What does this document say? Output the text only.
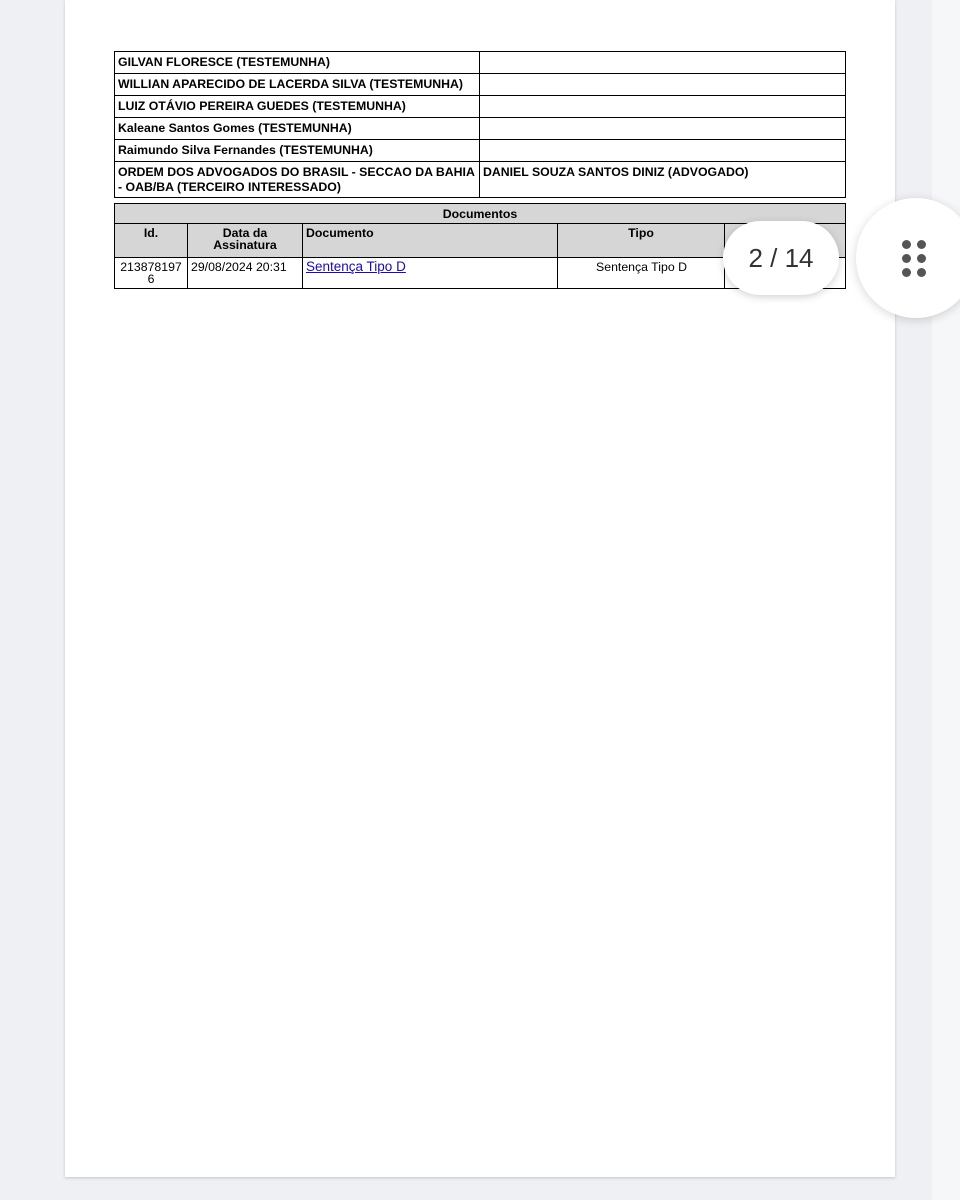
GILVAN FLORESCE (TESTEMUNHA)	
WILLIAN APARECIDO DE LACERDA SILVA (TESTEMUNHA)	
LUIZ OTÁVIO PEREIRA GUEDES (TESTEMUNHA)	
Kaleane Santos Gomes (TESTEMUNHA)	
Raimundo Silva Fernandes (TESTEMUNHA)	
ORDEM DOS ADVOGADOS DO BRASIL - SECCAO DA BAHIA - OAB/BA (TERCEIRO INTERESSADO)	DANIEL SOUZA SANTOS DINIZ (ADVOGADO)
Documentos				
Id.	Data da Assinatura	Documento	Tipo	

2138781976	29/08/2024 20:31	Sentença Tipo D	Sentença Tipo D		2 / 14
